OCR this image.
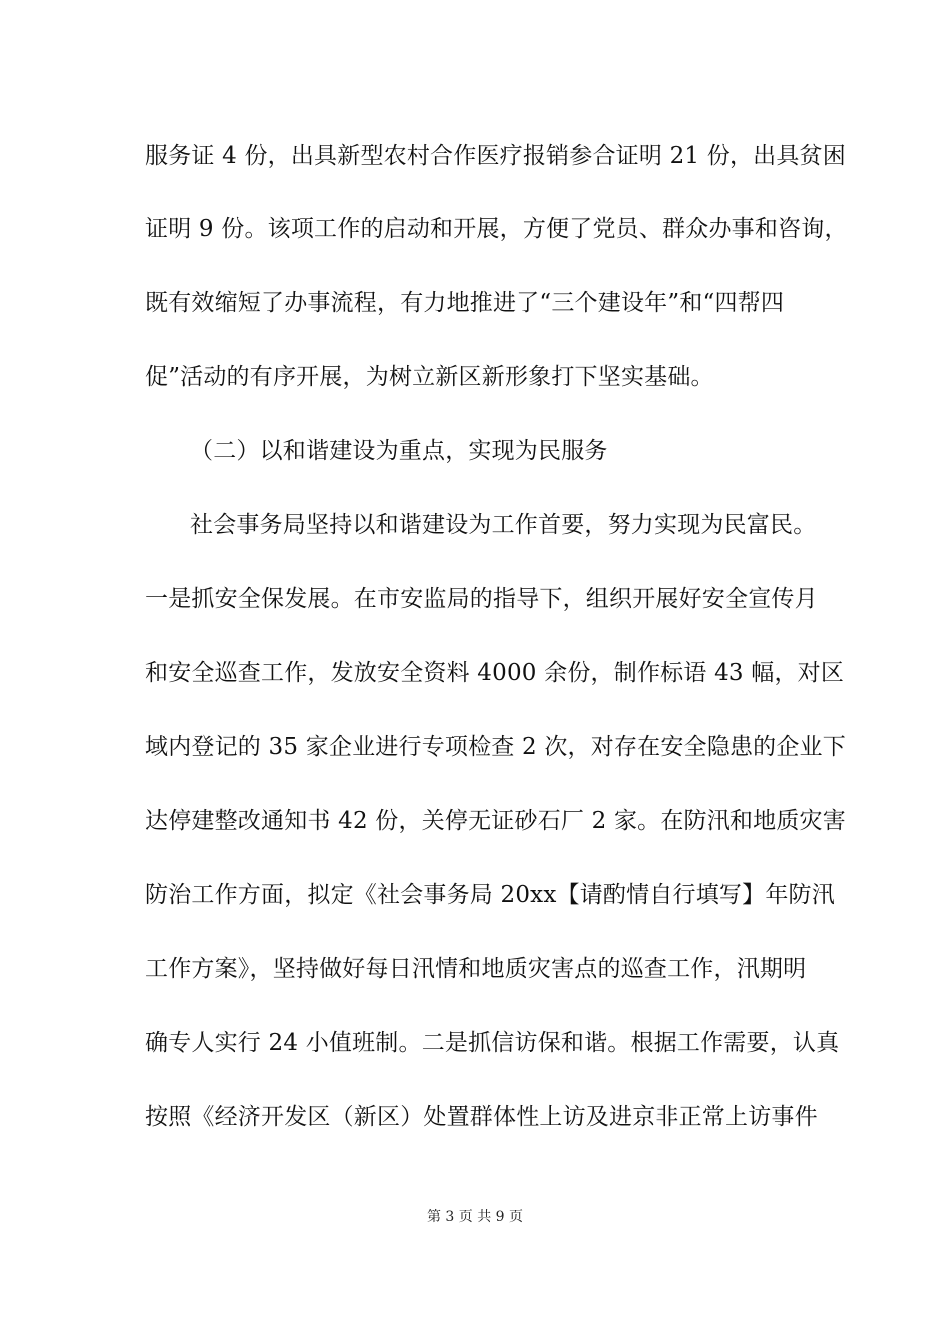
服务证 4 份，出具新型农村合作医疗报销参合证明 21 份，出具贫困
证明 9 份。该项工作的启动和开展，方便了党员、群众办事和咨询，
既有效缩短了办事流程，有力地推进了“三个建设年”和“四帮四
促”活动的有序开展，为树立新区新形象打下坚实基础。
（二）以和谐建设为重点，实现为民服务
社会事务局坚持以和谐建设为工作首要，努力实现为民富民。
一是抓安全保发展。在市安监局的指导下，组织开展好安全宣传月
和安全巡查工作，发放安全资料 4000 余份，制作标语 43 幅，对区
域内登记的 35 家企业进行专项检查 2 次，对存在安全隐患的企业下
达停建整改通知书 42 份，关停无证砂石厂 2 家。在防汛和地质灾害
防治工作方面，拟定《社会事务局 20xx【请酌情自行填写】年防汛
工作方案》，坚持做好每日汛情和地质灾害点的巡查工作，汛期明
确专人实行 24 小值班制。二是抓信访保和谐。根据工作需要，认真
按照《经济开发区（新区）处置群体性上访及进京非正常上访事件
第 3 页 共 9 页
